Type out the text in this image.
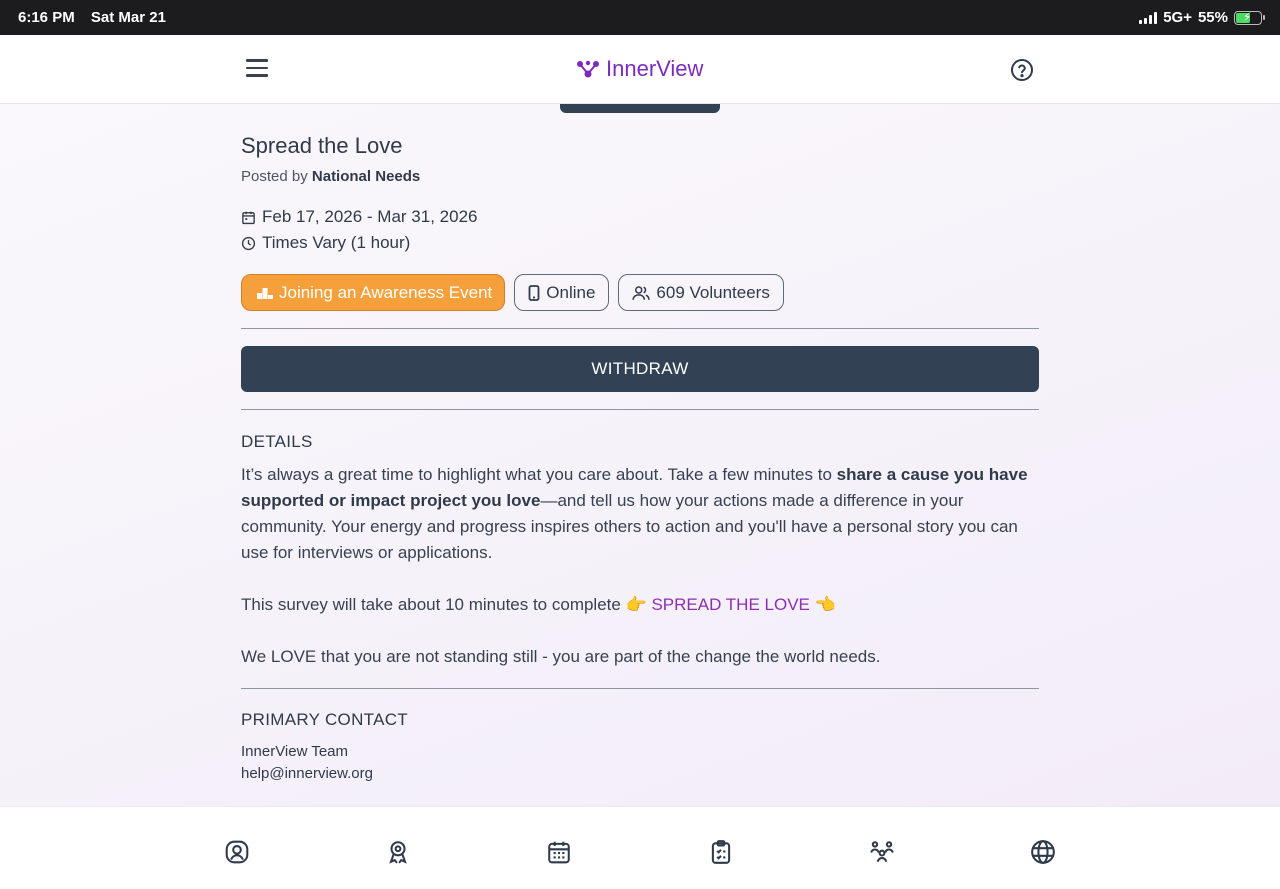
6:16 PM Sat Mar 21	5G+ 55% ⚡
InnerView
Spread the Love
Posted by National Needs
Feb 17, 2026 - Mar 31, 2026
Times Vary (1 hour)
Joining an Awareness Event	Online	609 Volunteers
WITHDRAW
DETAILS
It’s always a great time to highlight what you care about. Take a few minutes to share a cause you have supported or impact project you love—and tell us how your actions made a difference in your community. Your energy and progress inspires others to action and you'll have a personal story you can use for interviews or applications.
This survey will take about 10 minutes to complete 👉 SPREAD THE LOVE 👈
We LOVE that you are not standing still - you are part of the change the world needs.
PRIMARY CONTACT
InnerView Team
help@innerview.org
